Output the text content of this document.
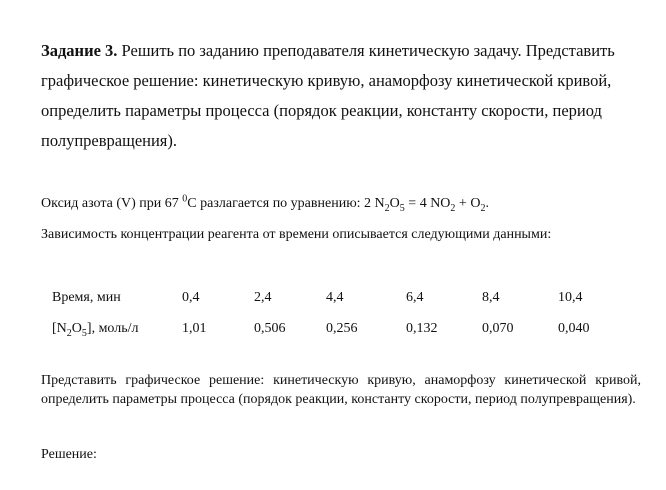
Задание 3. Решить по заданию преподавателя кинетическую задачу. Представить графическое решение: кинетическую кривую, анаморфозу кинетической кривой, определить параметры процесса (порядок реакции, константу скорости, период полупревращения).
Оксид азота (V) при 67 $^0$С разлагается по уравнению: 2 $N_2O_5 = 4$ $NO_2 + O_2$.
Зависимость концентрации реагента от времени описывается следующими данными:
Время, мин	0,4	2,4	4,4	6,4	8,4	10,4
$[N_2O_5]$, моль/л	1,01	0,506	0,256	0,132	0,070	0,040
Представить графическое решение: кинетическую кривую, анаморфозу кинетической кривой, определить параметры процесса (порядок реакции, константу скорости, период полупревращения).
Решение:
